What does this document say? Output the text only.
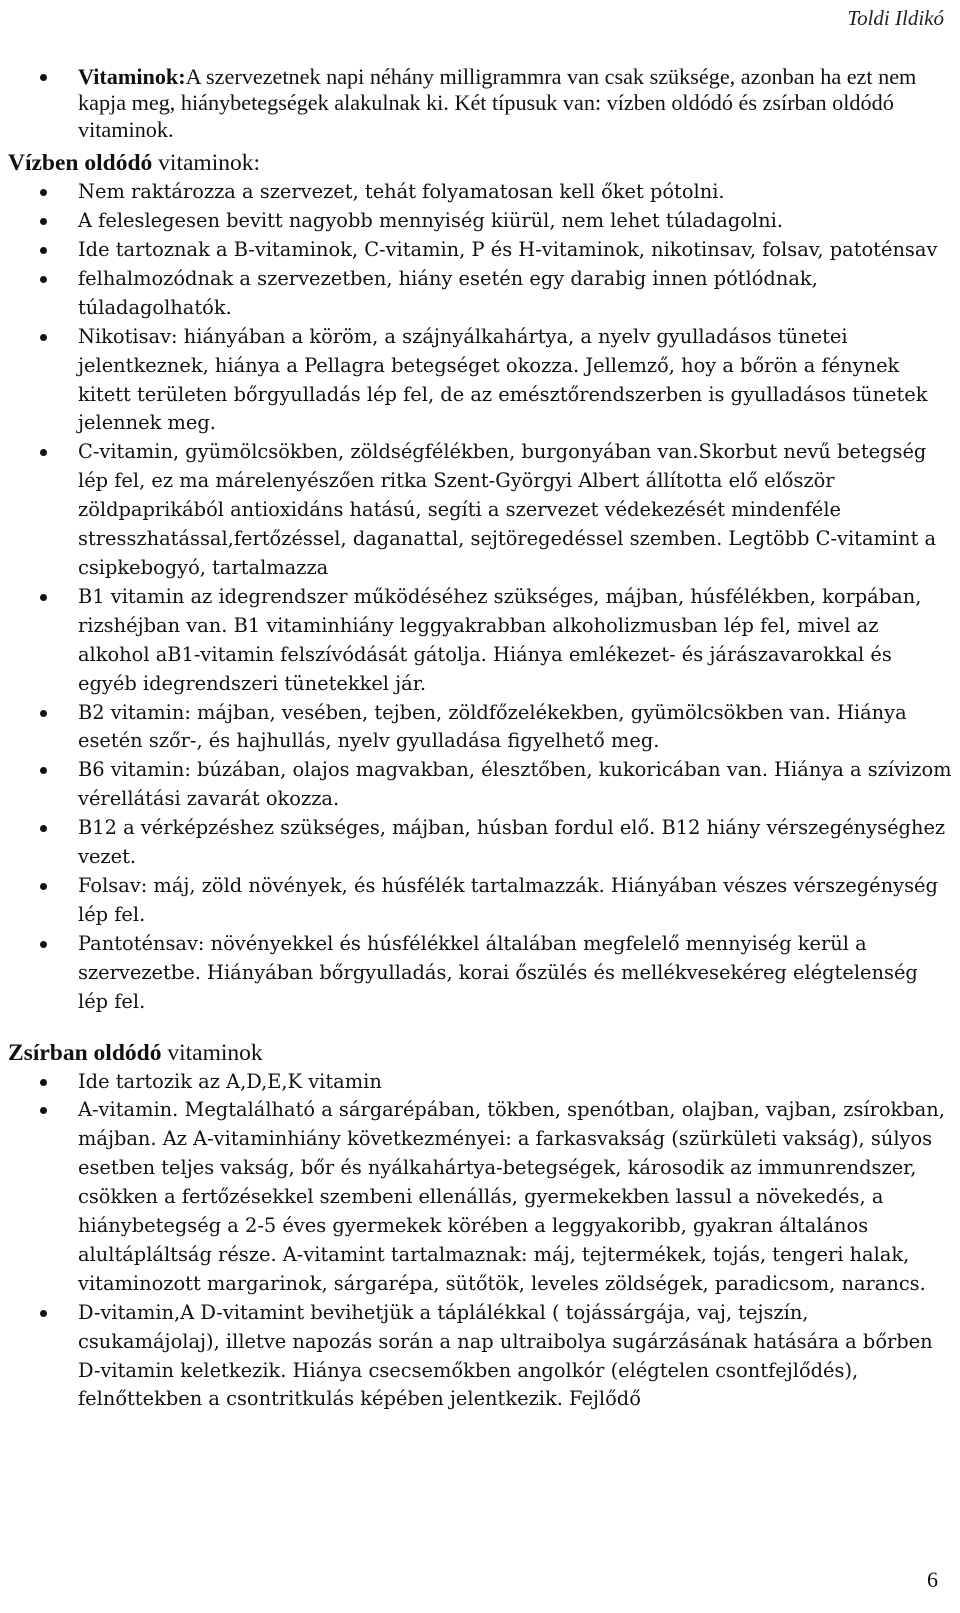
Toldi Ildikó
Vitaminok:A szervezetnek napi néhány milligrammra van csak szüksége, azonban ha ezt nem kapja meg, hiánybetegségek alakulnak ki. Két típusuk van: vízben oldódó és zsírban oldódó vitaminok.

Vízben oldódó vitaminok:

Nem raktározza a szervezet, tehát folyamatosan kell őket pótolni.
A feleslegesen bevitt nagyobb mennyiség kiürül, nem lehet túladagolni.
Ide tartoznak a B-vitaminok, C-vitamin, P és H-vitaminok, nikotinsav, folsav, patoténsav
felhalmozódnak a szervezetben, hiány esetén egy darabig innen pótlódnak, túladagolhatók.
Nikotisav: hiányában a köröm, a szájnyálkahártya, a nyelv gyulladásos tünetei jelentkeznek, hiánya a Pellagra betegséget okozza. Jellemző, hoy a bőrön a fénynek kitett területen bőrgyulladás lép fel, de az emésztőrendszerben is gyulladásos tünetek jelennek meg.
C-vitamin, gyümölcsökben, zöldségfélékben, burgonyában van.Skorbut nevű betegség lép fel, ez ma márelenyészően ritka Szent-Györgyi Albert állította elő először zöldpaprikából antioxidáns hatású, segíti a szervezet védekezését mindenféle stresszhatással,fertőzéssel, daganattal, sejtöregedéssel szemben. Legtöbb C-vitamint a csipkebogyó, tartalmazza
B1 vitamin az idegrendszer működéséhez szükséges, májban, húsfélékben, korpában, rizshéjban van. B1 vitaminhiány leggyakrabban alkoholizmusban lép fel, mivel az alkohol aB1-vitamin felszívódását gátolja. Hiánya emlékezet- és járászavarokkal és egyéb idegrendszeri tünetekkel jár.
B2 vitamin: májban, vesében, tejben, zöldfőzelékekben, gyümölcsökben van. Hiánya esetén szőr-, és hajhullás, nyelv gyulladása figyelhető meg.
B6 vitamin: búzában, olajos magvakban, élesztőben, kukoricában van. Hiánya a szívizom vérellátási zavarát okozza.
B12 a vérképzéshez szükséges, májban, húsban fordul elő. B12 hiány vérszegénységhez vezet.
Folsav: máj, zöld növények, és húsfélék tartalmazzák. Hiányában vészes vérszegénység lép fel.
Pantoténsav: növényekkel és húsfélékkel általában megfelelő mennyiség kerül a szervezetbe. Hiányában bőrgyulladás, korai őszülés és mellékvesekéreg elégtelenség lép fel.

Zsírban oldódó vitaminok

Ide tartozik az A,D,E,K vitamin
A-vitamin. Megtalálható a sárgarépában, tökben, spenótban, olajban, vajban, zsírokban, májban. Az A-vitaminhiány következményei: a farkasvakság (szürkületi vakság), súlyos esetben teljes vakság, bőr és nyálkahártya-betegségek, károsodik az immunrendszer, csökken a fertőzésekkel szembeni ellenállás, gyermekekben lassul a növekedés, a hiánybetegség a 2-5 éves gyermekek körében a leggyakoribb, gyakran általános alultápláltság része. A-vitamint tartalmaznak: máj, tejtermékek, tojás, tengeri halak, vitaminozott margarinok, sárgarépa, sütőtök, leveles zöldségek, paradicsom, narancs.
D-vitamin,A D-vitamint bevihetjük a táplálékkal ( tojássárgája, vaj, tejszín, csukamájolaj), illetve napozás során a nap ultraibolya sugárzásának hatására a bőrben D-vitamin keletkezik. Hiánya csecsemőkben angolkór (elégtelen csontfejlődés), felnőttekben a csontritkulás képében jelentkezik. Fejlődő
6
